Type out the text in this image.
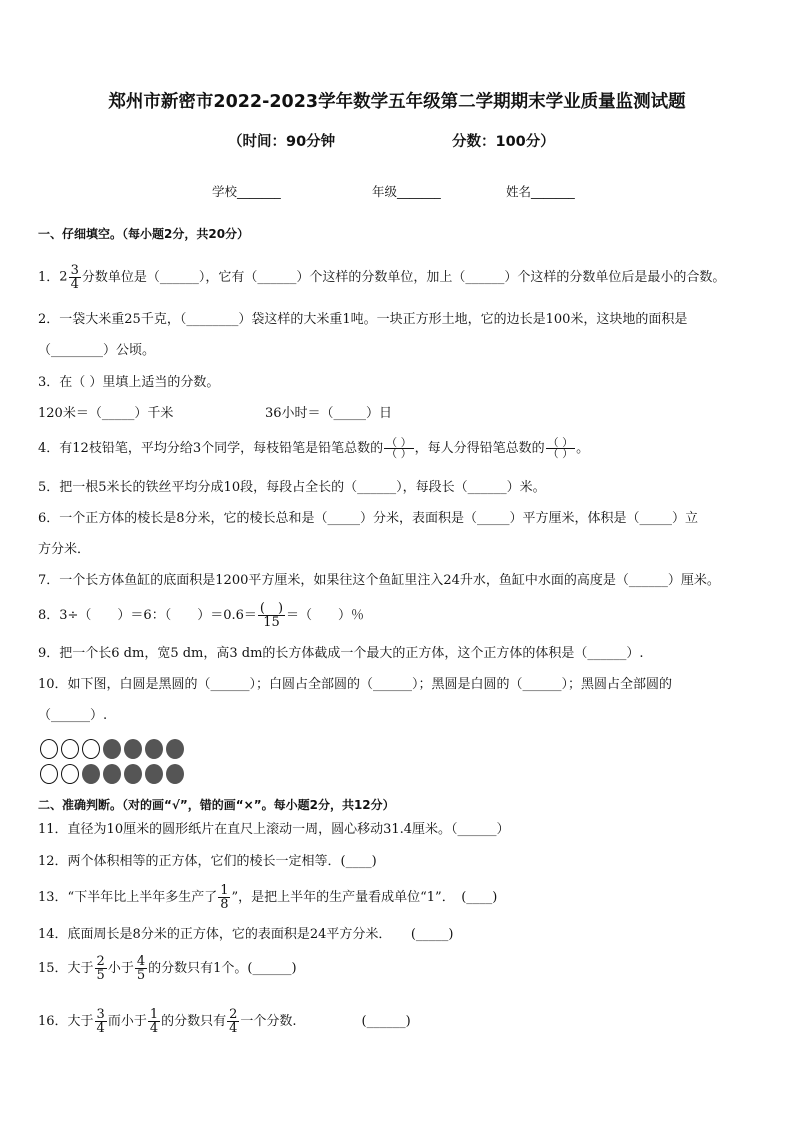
郑州市新密市2022-2023学年数学五年级第二学期期末学业质量监测试题
（时间：90分钟	分数：100分）
学校_______	年级_______	姓名_______
一、仔细填空。（每小题2分，共20分）
1．$2 \frac{3}{4}$ 分数单位是（______），它有（______）个这样的分数单位，加上（______）个这样的分数单位后是最小的合数。
2．一袋大米重25千克，（________）袋这样的大米重1吨。一块正方形土地，它的边长是100米，这块地的面积是
（________）公顷。
3．在（ ）里填上适当的分数。
120米＝（_____）千米	36小时＝（_____）日
4．有12枝铅笔，平均分给3个同学，每枝铅笔是铅笔总数的 $\frac{( )}{( )}$ ，每人分得铅笔总数的 $\frac{( )}{( )}$ 。
5．把一根5米长的铁丝平均分成10段，每段占全长的（______），每段长（______）米。
6．一个正方体的棱长是8分米，它的棱长总和是（_____）分米，表面积是（_____）平方厘米，体积是（_____）立
方分米．
7．一个长方体鱼缸的底面积是1200平方厘米，如果往这个鱼缸里注入24升水，鱼缸中水面的高度是（______）厘米。
8．3÷（　　）＝6：（　　）$=0.6= \frac{( )}{15}$ ＝（　　）％
9．把一个长6 dm，宽5 dm，高3 dm的长方体截成一个最大的正方体，这个正方体的体积是（______）.
10．如下图，白圆是黑圆的（______）；白圆占全部圆的（______）；黑圆是白圆的（______）；黑圆占全部圆的
（______）.
二、准确判断。（对的画“√”，错的画“×”。每小题2分，共12分）
11．直径为10厘米的圆形纸片在直尺上滚动一周，圆心移动31.4厘米。（______）
12．两个体积相等的正方体，它们的棱长一定相等．(____)
13．“下半年比上半年多生产了 $\frac{1}{8}$ ”，是把上半年的生产量看成单位“1”．　(____)
14．底面周长是8分米的正方体，它的表面积是24平方分米．　　(_____)
15．大于 $\frac{2}{5}$ 小于 $\frac{4}{5}$ 的分数只有1个。(______)
16．大于 $\frac{3}{4}$ 而小于 $\frac{1}{4}$ 的分数只有 $\frac{2}{4}$ 一个分数.　　　　　(______)
